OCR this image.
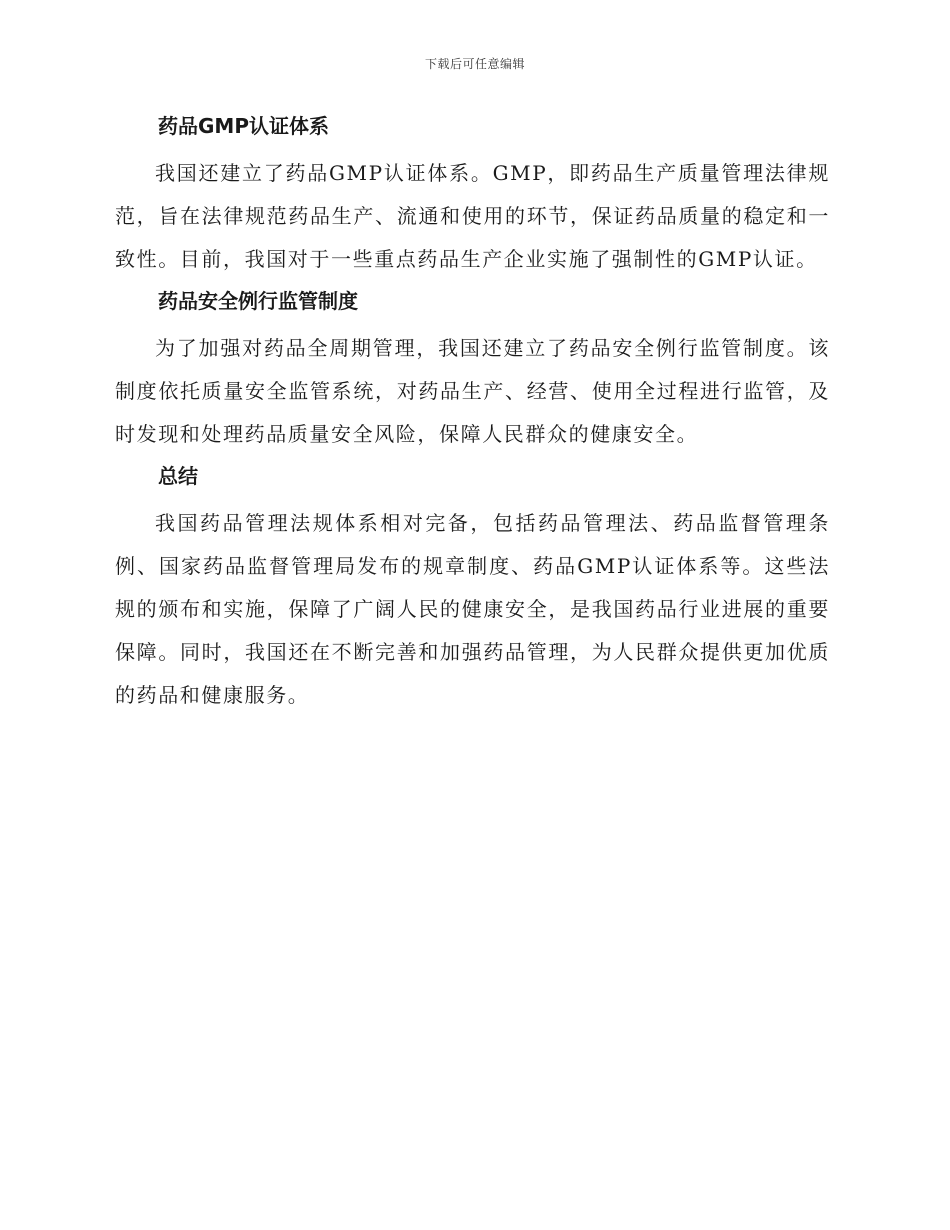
下载后可任意编辑
药品GMP认证体系

我国还建立了药品GMP认证体系。GMP，即药品生产质量管理法律规范，旨在法律规范药品生产、流通和使用的环节，保证药品质量的稳定和一致性。目前，我国对于一些重点药品生产企业实施了强制性的GMP认证。

药品安全例行监管制度

为了加强对药品全周期管理，我国还建立了药品安全例行监管制度。该制度依托质量安全监管系统，对药品生产、经营、使用全过程进行监管，及时发现和处理药品质量安全风险，保障人民群众的健康安全。

总结

我国药品管理法规体系相对完备，包括药品管理法、药品监督管理条例、国家药品监督管理局发布的规章制度、药品GMP认证体系等。这些法规的颁布和实施，保障了广阔人民的健康安全，是我国药品行业进展的重要保障。同时，我国还在不断完善和加强药品管理，为人民群众提供更加优质的药品和健康服务。
